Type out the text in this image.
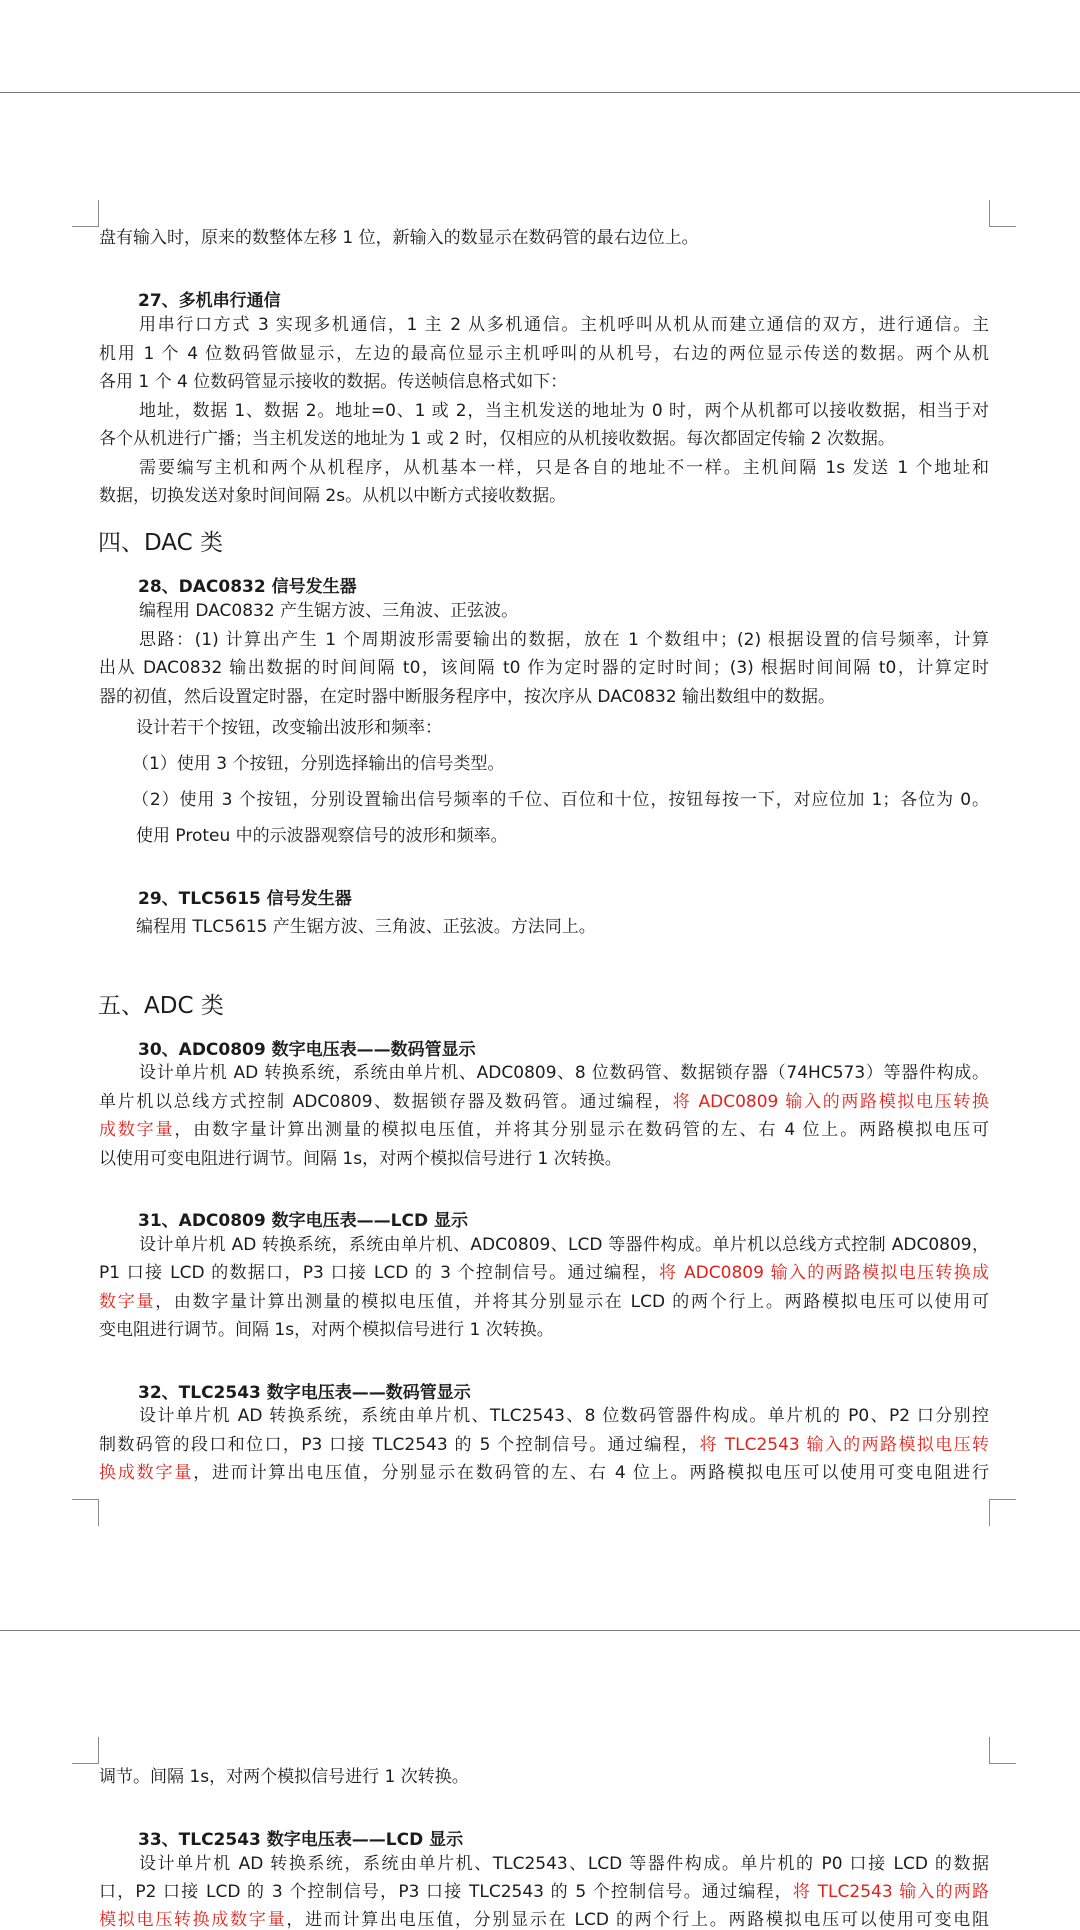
盘有输入时，原来的数整体左移 1 位，新输入的数显示在数码管的最右边位上。
27、多机串行通信
用串行口方式 3 实现多机通信，1 主 2 从多机通信。主机呼叫从机从而建立通信的双方，进行通信。主
机用 1 个 4 位数码管做显示，左边的最高位显示主机呼叫的从机号，右边的两位显示传送的数据。两个从机
各用 1 个 4 位数码管显示接收的数据。传送帧信息格式如下：
地址，数据 1、数据 2。地址=0、1 或 2，当主机发送的地址为 0 时，两个从机都可以接收数据，相当于对
各个从机进行广播；当主机发送的地址为 1 或 2 时，仅相应的从机接收数据。每次都固定传输 2 次数据。
需要编写主机和两个从机程序，从机基本一样，只是各自的地址不一样。主机间隔 1s 发送 1 个地址和
数据，切换发送对象时间间隔 2s。从机以中断方式接收数据。
四、DAC 类
28、DAC0832 信号发生器
编程用 DAC0832 产生锯方波、三角波、正弦波。
思路：(1) 计算出产生 1 个周期波形需要输出的数据，放在 1 个数组中；(2) 根据设置的信号频率，计算
出从 DAC0832 输出数据的时间间隔 t0，该间隔 t0 作为定时器的定时时间；(3) 根据时间间隔 t0，计算定时
器的初值，然后设置定时器，在定时器中断服务程序中，按次序从 DAC0832 输出数组中的数据。
设计若干个按钮，改变输出波形和频率：
（1）使用 3 个按钮，分别选择输出的信号类型。
（2）使用 3 个按钮，分别设置输出信号频率的千位、百位和十位，按钮每按一下，对应位加 1；各位为 0。
使用 Proteu 中的示波器观察信号的波形和频率。
29、TLC5615 信号发生器
编程用 TLC5615 产生锯方波、三角波、正弦波。方法同上。
五、ADC 类
30、ADC0809 数字电压表——数码管显示
设计单片机 AD 转换系统，系统由单片机、ADC0809、8 位数码管、数据锁存器（74HC573）等器件构成。
单片机以总线方式控制 ADC0809、数据锁存器及数码管。通过编程，将 ADC0809 输入的两路模拟电压转换
成数字量，由数字量计算出测量的模拟电压值，并将其分别显示在数码管的左、右 4 位上。两路模拟电压可
以使用可变电阻进行调节。间隔 1s，对两个模拟信号进行 1 次转换。
31、ADC0809 数字电压表——LCD 显示
设计单片机 AD 转换系统，系统由单片机、ADC0809、LCD 等器件构成。单片机以总线方式控制 ADC0809，
P1 口接 LCD 的数据口，P3 口接 LCD 的 3 个控制信号。通过编程，将 ADC0809 输入的两路模拟电压转换成
数字量，由数字量计算出测量的模拟电压值，并将其分别显示在 LCD 的两个行上。两路模拟电压可以使用可
变电阻进行调节。间隔 1s，对两个模拟信号进行 1 次转换。
32、TLC2543 数字电压表——数码管显示
设计单片机 AD 转换系统，系统由单片机、TLC2543、8 位数码管器件构成。单片机的 P0、P2 口分别控
制数码管的段口和位口，P3 口接 TLC2543 的 5 个控制信号。通过编程，将 TLC2543 输入的两路模拟电压转
换成数字量，进而计算出电压值，分别显示在数码管的左、右 4 位上。两路模拟电压可以使用可变电阻进行
调节。间隔 1s，对两个模拟信号进行 1 次转换。
33、TLC2543 数字电压表——LCD 显示
设计单片机 AD 转换系统，系统由单片机、TLC2543、LCD 等器件构成。单片机的 P0 口接 LCD 的数据
口，P2 口接 LCD 的 3 个控制信号，P3 口接 TLC2543 的 5 个控制信号。通过编程，将 TLC2543 输入的两路
模拟电压转换成数字量，进而计算出电压值，分别显示在 LCD 的两个行上。两路模拟电压可以使用可变电阻
